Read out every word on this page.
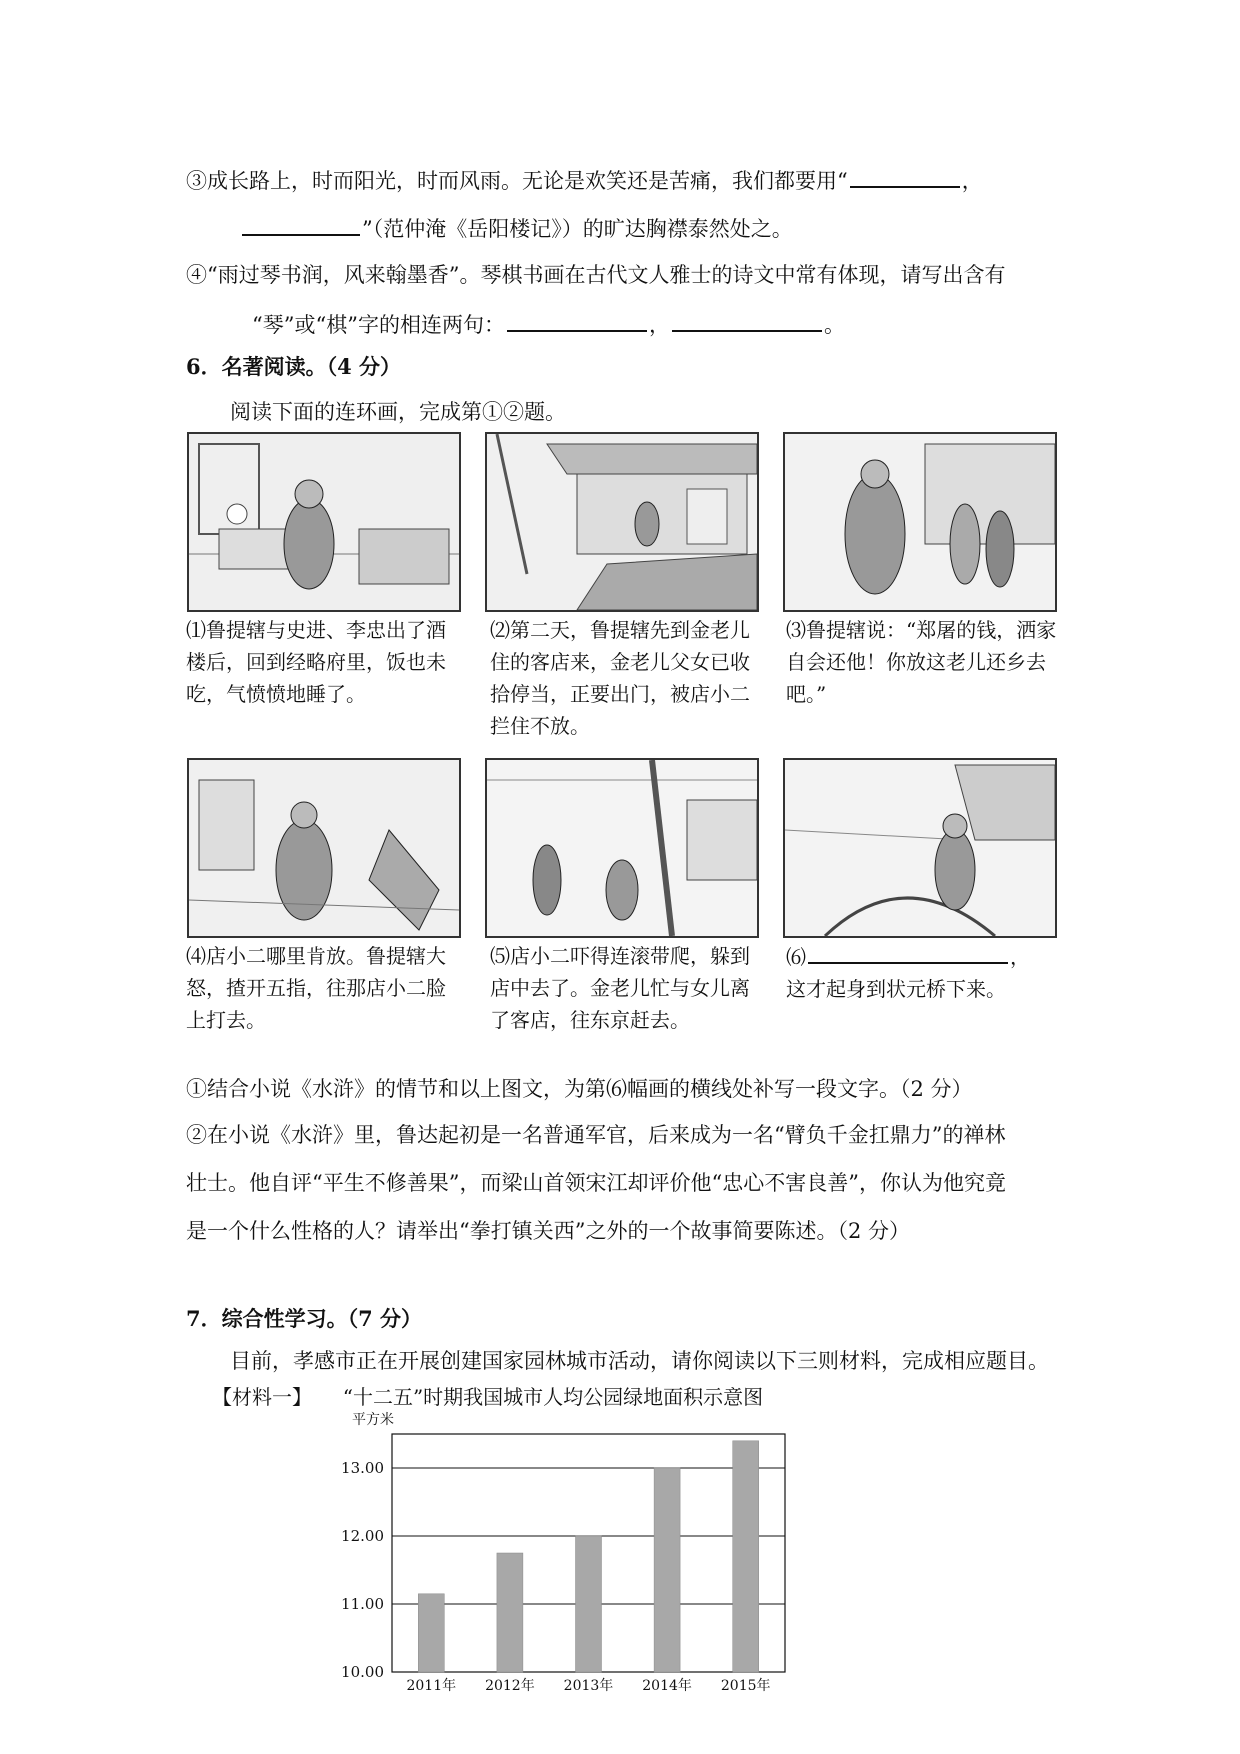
③成长路上，时而阳光，时而风雨。无论是欢笑还是苦痛，我们都要用“	，
”（范仲淹《岳阳楼记》）的旷达胸襟泰然处之。
④“雨过琴书润，风来翰墨香”。琴棋书画在古代文人雅士的诗文中常有体现，请写出含有
“琴”或“棋”字的相连两句：	，	。
6．名著阅读。（4 分）
阅读下面的连环画，完成第①②题。
⑴鲁提辖与史进、李忠出了酒楼后，回到经略府里，饭也未吃，气愤愤地睡了。
⑵第二天，鲁提辖先到金老儿住的客店来，金老儿父女已收拾停当，正要出门，被店小二拦住不放。
⑶鲁提辖说：“郑屠的钱，洒家自会还他！你放这老儿还乡去吧。”
⑷店小二哪里肯放。鲁提辖大怒，揸开五指，往那店小二脸上打去。
⑸店小二吓得连滚带爬，躲到店中去了。金老儿忙与女儿离了客店，往东京赶去。
⑹	，
这才起身到状元桥下来。
①结合小说《水浒》的情节和以上图文，为第⑹幅画的横线处补写一段文字。（2 分）
②在小说《水浒》里，鲁达起初是一名普通军官，后来成为一名“臂负千金扛鼎力”的禅林
壮士。他自评“平生不修善果”，而梁山首领宋江却评价他“忠心不害良善”，你认为他究竟
是一个什么性格的人？请举出“拳打镇关西”之外的一个故事简要陈述。（2 分）
7．综合性学习。（7 分）
目前，孝感市正在开展创建国家园林城市活动，请你阅读以下三则材料，完成相应题目。
【材料一】 “十二五”时期我国城市人均公园绿地面积示意图
平方米
10.00
11.00
12.00
13.00
2011年 2012年 2013年 2014年 2015年
